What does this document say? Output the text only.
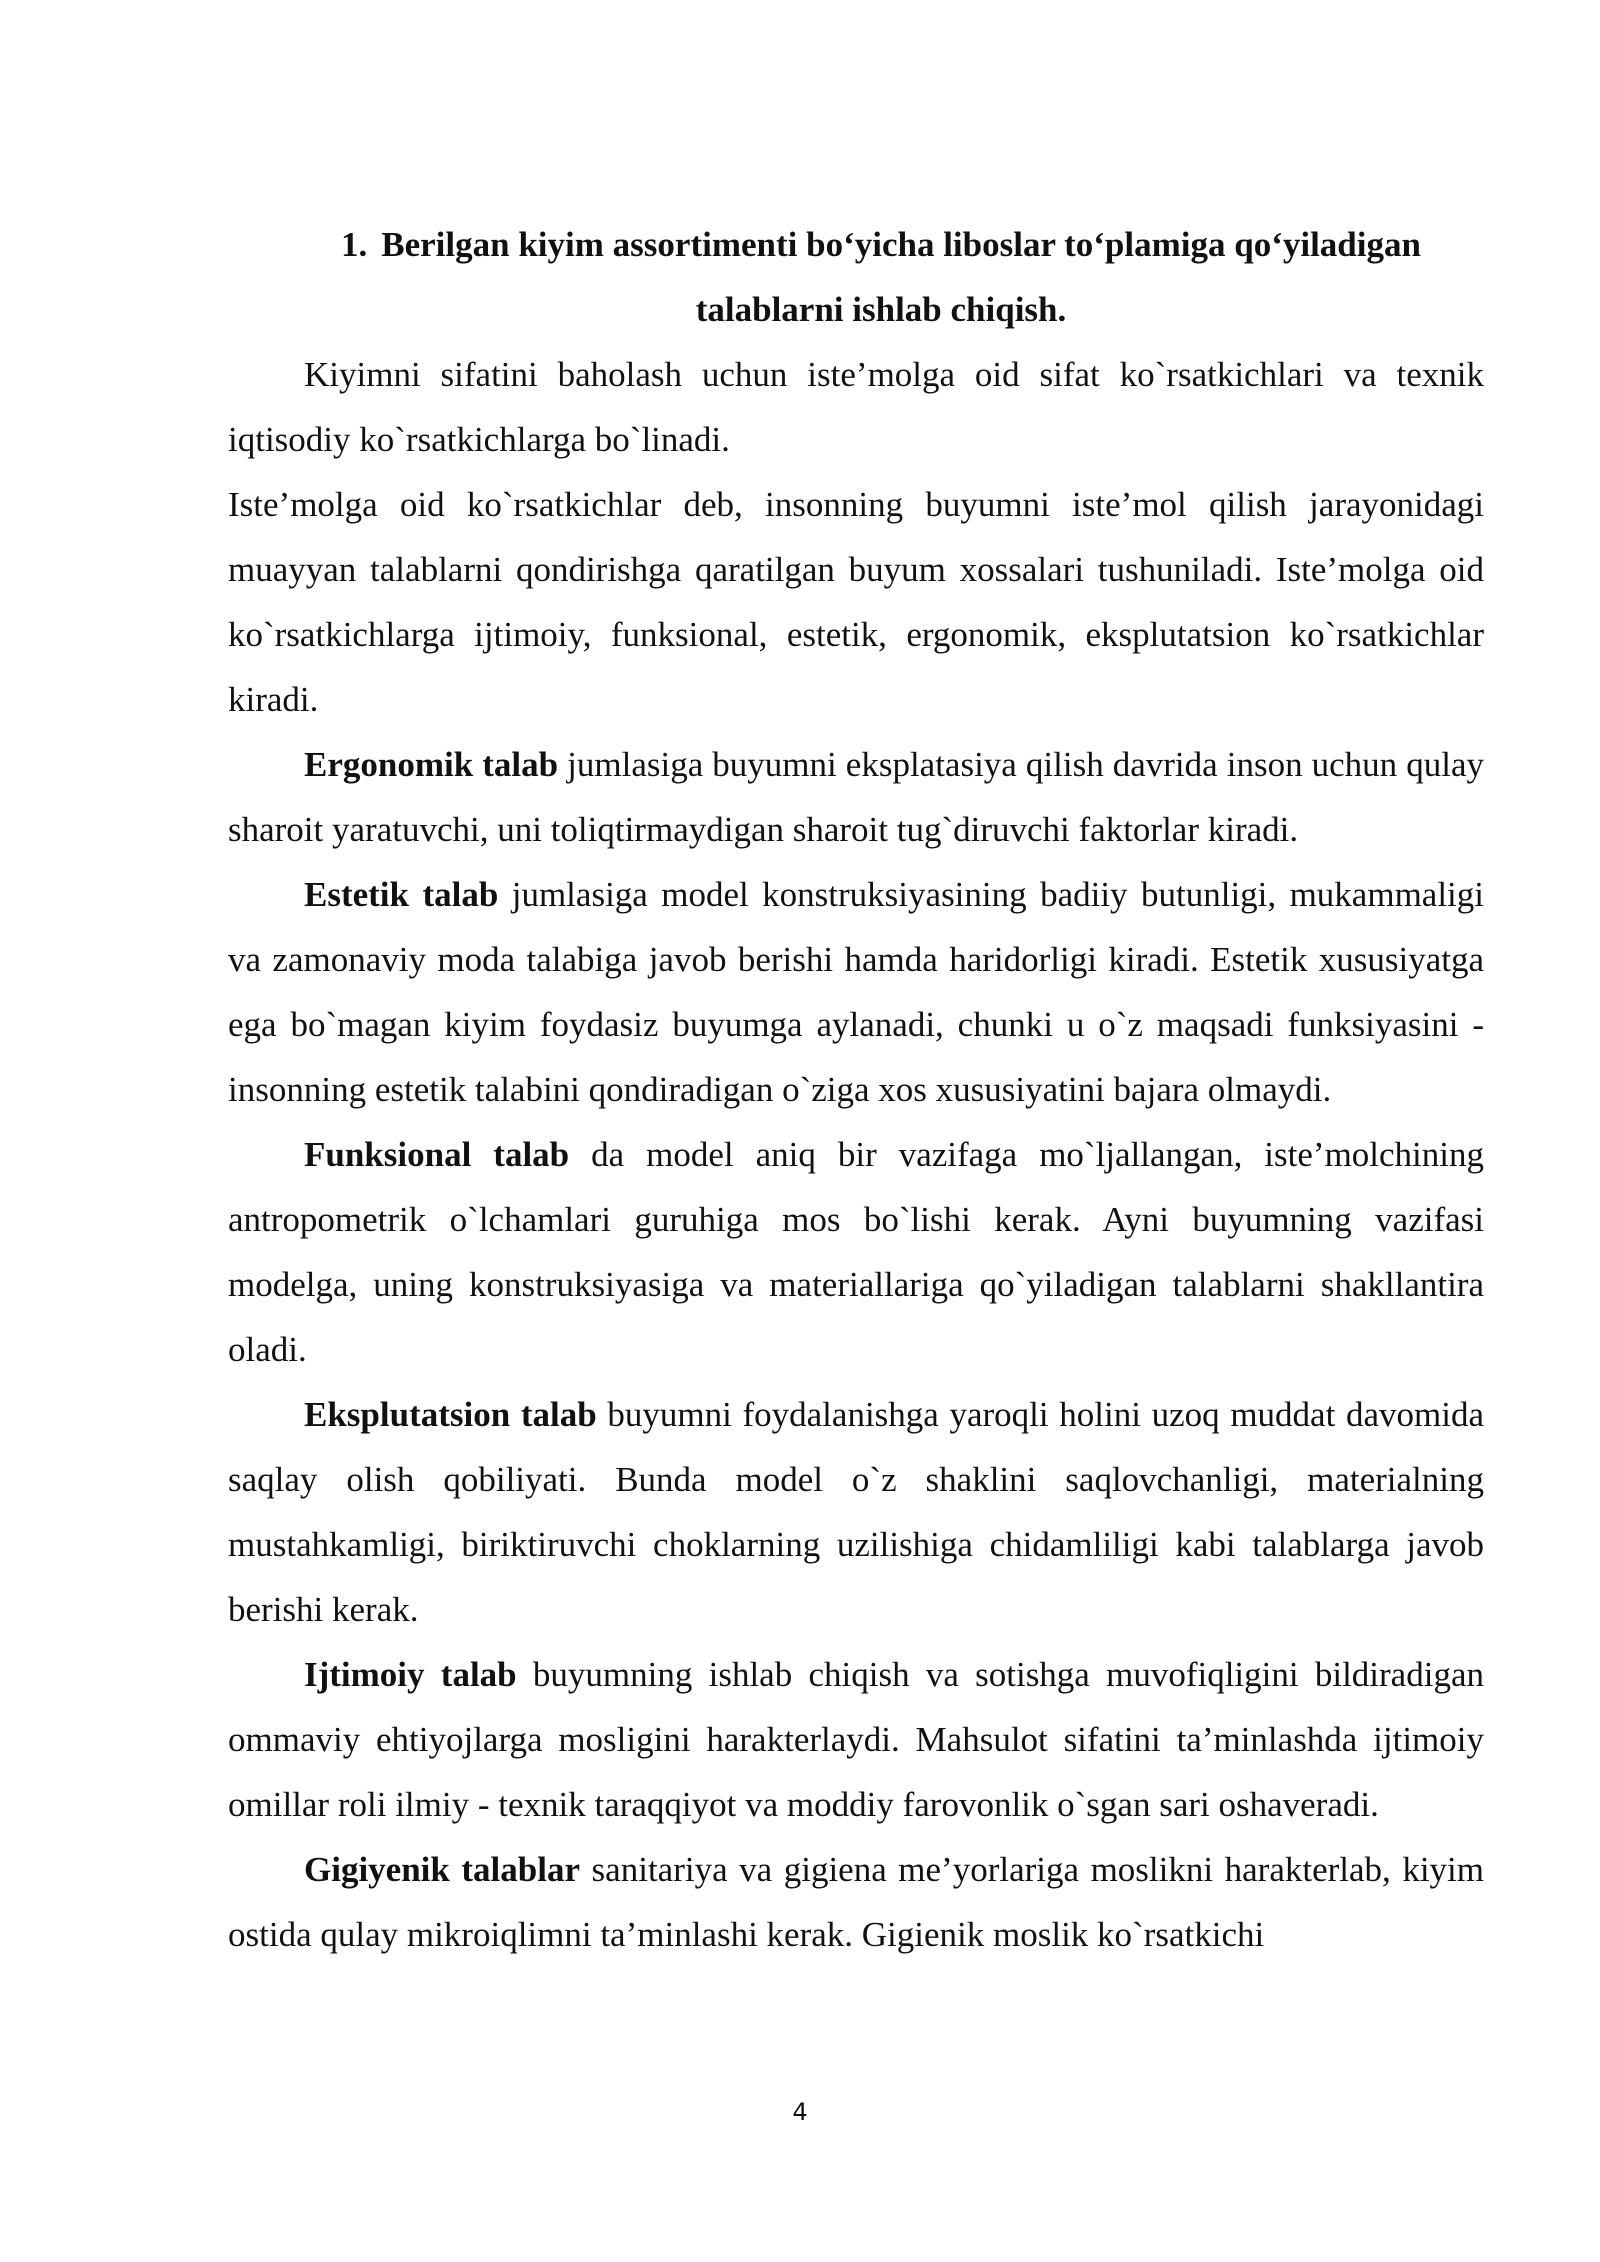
1. Berilgan kiyim assortimenti bo‘yicha liboslar to‘plamiga qo‘yiladigan talablarni ishlab chiqish.

Kiyimni sifatini baholash uchun iste’molga oid sifat ko`rsatkichlari va texnik iqtisodiy ko`rsatkichlarga bo`linadi.

Iste’molga oid ko`rsatkichlar deb, insonning buyumni iste’mol qilish jarayonidagi muayyan talablarni qondirishga qaratilgan buyum xossalari tushuniladi. Iste’molga oid ko`rsatkichlarga ijtimoiy, funksional, estetik, ergonomik, eksplutatsion ko`rsatkichlar kiradi.

Ergonomik talab jumlasiga buyumni eksplatasiya qilish davrida inson uchun qulay sharoit yaratuvchi, uni toliqtirmaydigan sharoit tug`diruvchi faktorlar kiradi.

Estetik talab jumlasiga model konstruksiyasining badiiy butunligi, mukammaligi va zamonaviy moda talabiga javob berishi hamda haridorligi kiradi. Estetik xususiyatga ega bo`magan kiyim foydasiz buyumga aylanadi, chunki u o`z maqsadi funksiyasini - insonning estetik talabini qondiradigan o`ziga xos xususiyatini bajara olmaydi.

Funksional talab da model aniq bir vazifaga mo`ljallangan, iste’molchining antropometrik o`lchamlari guruhiga mos bo`lishi kerak. Ayni buyumning vazifasi modelga, uning konstruksiyasiga va materiallariga qo`yiladigan talablarni shakllantira oladi.

Eksplutatsion talab buyumni foydalanishga yaroqli holini uzoq muddat davomida saqlay olish qobiliyati. Bunda model o`z shaklini saqlovchanligi, materialning mustahkamligi, biriktiruvchi choklarning uzilishiga chidamliligi kabi talablarga javob berishi kerak.

Ijtimoiy talab buyumning ishlab chiqish va sotishga muvofiqligini bildiradigan ommaviy ehtiyojlarga mosligini harakterlaydi. Mahsulot sifatini ta’minlashda ijtimoiy omillar roli ilmiy - texnik taraqqiyot va moddiy farovonlik o`sgan sari oshaveradi.

Gigiyenik talablar sanitariya va gigiena me’yorlariga moslikni harakterlab, kiyim ostida qulay mikroiqlimni ta’minlashi kerak. Gigienik moslik ko`rsatkichi

4
